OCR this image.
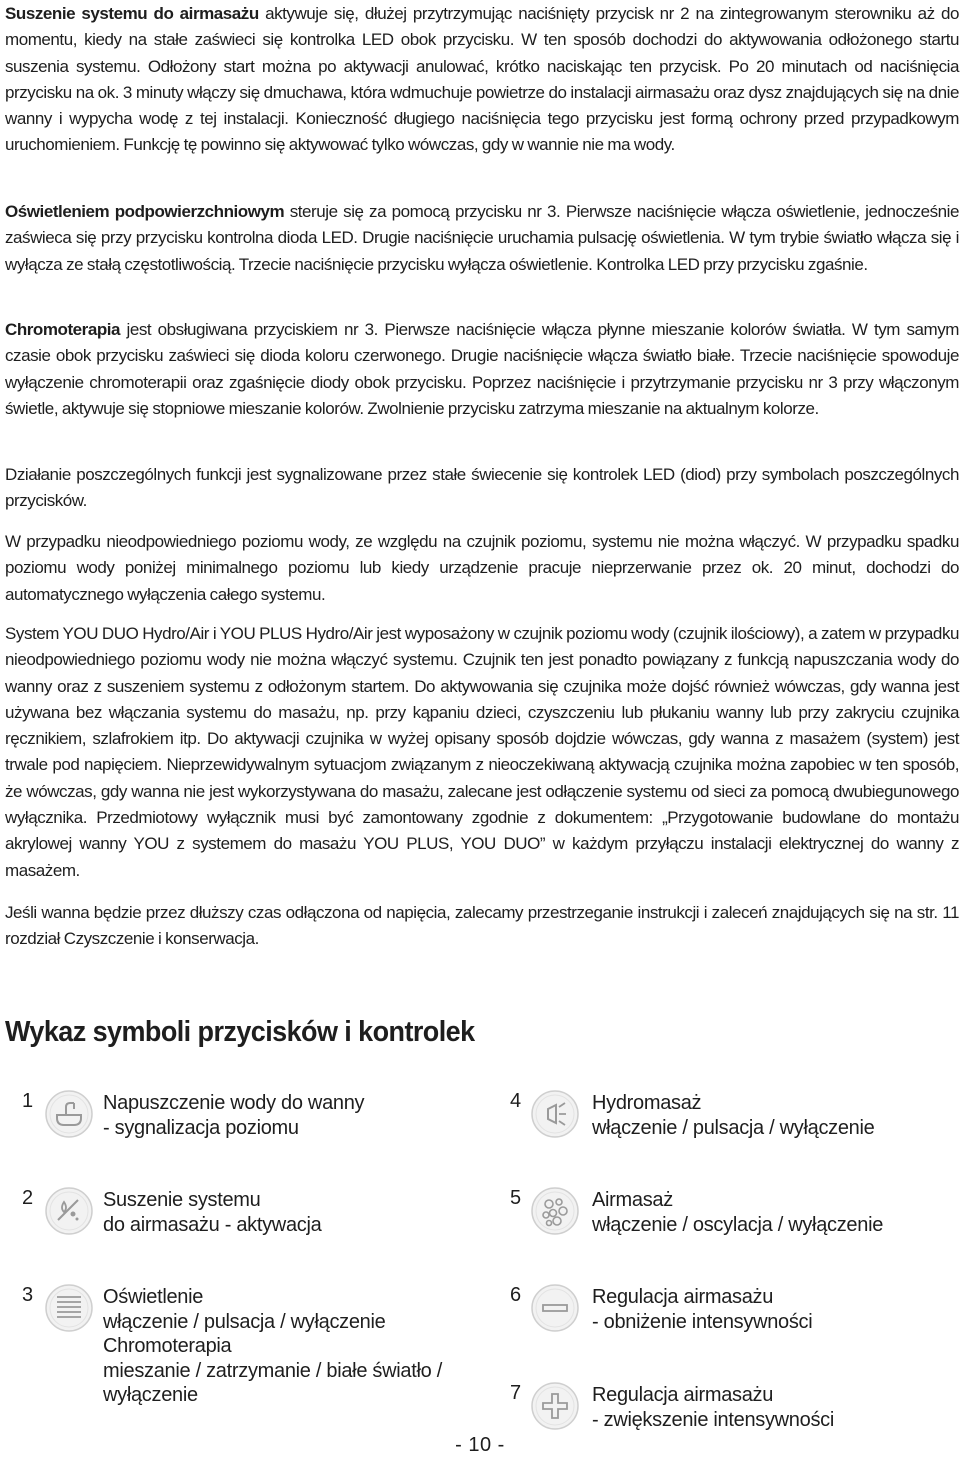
Suszenie systemu do airmasażu aktywuje się, dłużej przytrzymując naciśnięty przycisk nr 2 na zintegrowanym sterowniku aż do momentu, kiedy na stałe zaświeci się kontrolka LED obok przycisku. W ten sposób dochodzi do aktywowania odłożonego startu suszenia systemu. Odłożony start można po aktywacji anulować, krótko naciskając ten przycisk. Po 20 minutach od naciśnięcia przycisku na ok. 3 minuty włączy się dmuchawa, która wdmuchuje powietrze do instalacji airmasażu oraz dysz znajdujących się na dnie wanny i wypycha wodę z tej instalacji. Konieczność długiego naciśnięcia tego przycisku jest formą ochrony przed przypadkowym uruchomieniem. Funkcję tę powinno się aktywować tylko wówczas, gdy w wannie nie ma wody.

Oświetleniem podpowierzchniowym steruje się za pomocą przycisku nr 3. Pierwsze naciśnięcie włącza oświetlenie, jednocześnie zaświeca się przy przycisku kontrolna dioda LED. Drugie naciśnięcie uruchamia pulsację oświetlenia. W tym trybie światło włącza się i wyłącza ze stałą częstotliwością. Trzecie naciśnięcie przycisku wyłącza oświetlenie. Kontrolka LED przy przycisku zgaśnie.

Chromoterapia jest obsługiwana przyciskiem nr 3. Pierwsze naciśnięcie włącza płynne mieszanie kolorów światła. W tym samym czasie obok przycisku zaświeci się dioda koloru czerwonego. Drugie naciśnięcie włącza światło białe. Trzecie naciśnięcie spowoduje wyłączenie chromoterapii oraz zgaśnięcie diody obok przycisku. Poprzez naciśnięcie i przytrzymanie przycisku nr 3 przy włączonym świetle, aktywuje się stopniowe mieszanie kolorów. Zwolnienie przycisku zatrzyma mieszanie na aktualnym kolorze.

Działanie poszczególnych funkcji jest sygnalizowane przez stałe świecenie się kontrolek LED (diod) przy symbolach poszczególnych przycisków.

W przypadku nieodpowiedniego poziomu wody, ze względu na czujnik poziomu, systemu nie można włączyć. W przypadku spadku poziomu wody poniżej minimalnego poziomu lub kiedy urządzenie pracuje nieprzerwanie przez ok. 20 minut, dochodzi do automatycznego wyłączenia całego systemu.

System YOU DUO Hydro/Air i YOU PLUS Hydro/Air jest wyposażony w czujnik poziomu wody (czujnik ilościowy), a zatem w przypadku nieodpowiedniego poziomu wody nie można włączyć systemu. Czujnik ten jest ponadto powiązany z funkcją napuszczania wody do wanny oraz z suszeniem systemu z odłożonym startem. Do aktywowania się czujnika może dojść również wówczas, gdy wanna jest używana bez włączania systemu do masażu, np. przy kąpaniu dzieci, czyszczeniu lub płukaniu wanny lub przy zakryciu czujnika ręcznikiem, szlafrokiem itp. Do aktywacji czujnika w wyżej opisany sposób dojdzie wówczas, gdy wanna z masażem (system) jest trwale pod napięciem. Nieprzewidywalnym sytuacjom związanym z nieoczekiwaną aktywacją czujnika można zapobiec w ten sposób, że wówczas, gdy wanna nie jest wykorzystywana do masażu, zalecane jest odłączenie systemu od sieci za pomocą dwubiegunowego wyłącznika. Przedmiotowy wyłącznik musi być zamontowany zgodnie z dokumentem: „Przygotowanie budowlane do montażu akrylowej wanny YOU z systemem do masażu YOU PLUS, YOU DUO” w każdym przyłączu instalacji elektrycznej do wanny z masażem.

Jeśli wanna będzie przez dłuższy czas odłączona od napięcia, zalecamy przestrzeganie instrukcji i zaleceń znajdujących się na str. 11 rozdział Czyszczenie i konserwacja.

Wykaz symboli przycisków i kontrolek
1	Napuszczenie wody do wanny
- sygnalizacja poziomu
2	Suszenie systemu
do airmasażu - aktywacja
3	Oświetlenie
włączenie / pulsacja / wyłączenie
Chromoterapia
mieszanie / zatrzymanie / białe światło /
wyłączenie
4	Hydromasaż
włączenie / pulsacja / wyłączenie
5	Airmasaż
włączenie / oscylacja / wyłączenie
6	Regulacja airmasażu
- obniżenie intensywności
7	Regulacja airmasażu
- zwiększenie intensywności
- 10 -
